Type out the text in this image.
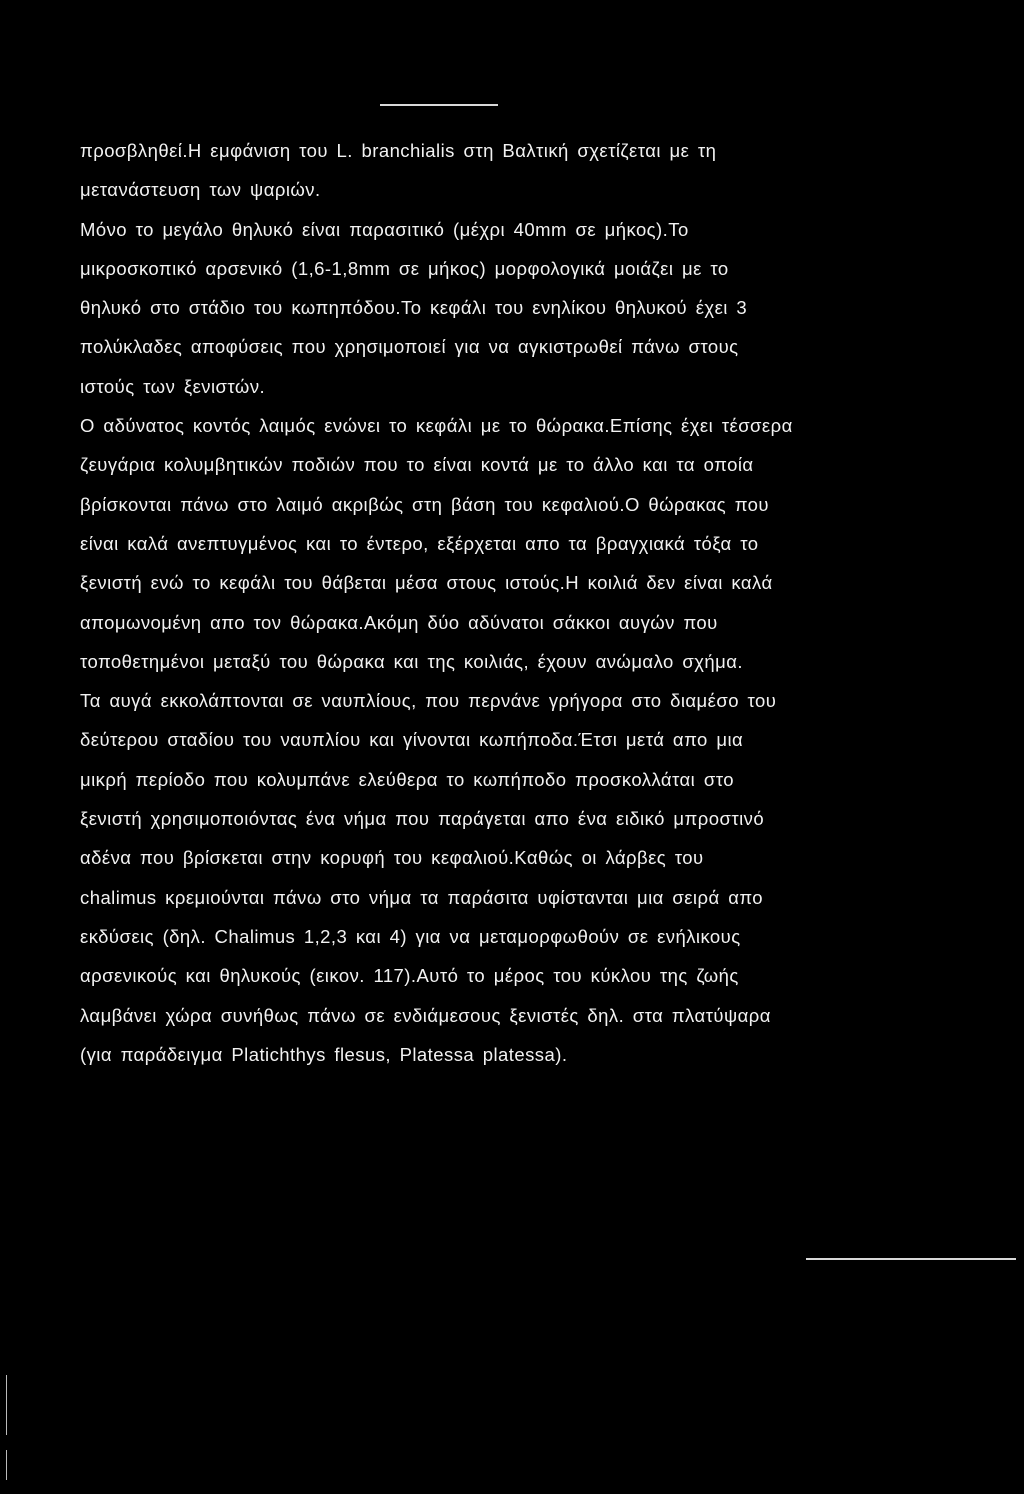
προσβληθεί.Η εμφάνιση του L. branchialis στη Βαλτική σχετίζεται με τη
μετανάστευση των ψαριών.
Μόνο το μεγάλο θηλυκό είναι παρασιτικό (μέχρι 40mm σε μήκος).Το
μικροσκοπικό αρσενικό (1,6-1,8mm σε μήκος) μορφολογικά μοιάζει με το
θηλυκό στο στάδιο του κωπηπόδου.Το κεφάλι του ενηλίκου θηλυκού έχει 3
πολύκλαδες αποφύσεις που χρησιμοποιεί για να αγκιστρωθεί πάνω στους
ιστούς των ξενιστών.
Ο αδύνατος κοντός λαιμός ενώνει το κεφάλι με το θώρακα.Επίσης έχει τέσσερα
ζευγάρια κολυμβητικών ποδιών που το είναι κοντά με το άλλο και τα οποία
βρίσκονται πάνω στο λαιμό ακριβώς στη βάση του κεφαλιού.Ο θώρακας που
είναι καλά ανεπτυγμένος και το έντερο, εξέρχεται απο τα βραγχιακά τόξα το
ξενιστή ενώ το κεφάλι του θάβεται μέσα στους ιστούς.Η κοιλιά δεν είναι καλά
απομωνομένη απο τον θώρακα.Ακόμη δύο αδύνατοι σάκκοι αυγών που
τοποθετημένοι μεταξύ του θώρακα και της κοιλιάς, έχουν ανώμαλο σχήμα.
Τα αυγά εκκολάπτονται σε ναυπλίους, που περνάνε γρήγορα στο διαμέσο του
δεύτερου σταδίου του ναυπλίου και γίνονται κωπήποδα.Έτσι μετά απο μια
μικρή περίοδο που κολυμπάνε ελεύθερα το κωπήποδο προσκολλάται στο
ξενιστή χρησιμοποιόντας ένα νήμα που παράγεται απο ένα ειδικό μπροστινό
αδένα που βρίσκεται στην κορυφή του κεφαλιού.Καθώς οι λάρβες του
chalimus κρεμιούνται πάνω στο νήμα τα παράσιτα υφίστανται μια σειρά απο
εκδύσεις (δηλ. Chalimus 1,2,3 και 4) για να μεταμορφωθούν σε ενήλικους
αρσενικούς και θηλυκούς (εικον. 117).Αυτό το μέρος του κύκλου της ζωής
λαμβάνει χώρα συνήθως πάνω σε ενδιάμεσους ξενιστές δηλ. στα πλατύψαρα
(για παράδειγμα Platichthys flesus, Platessa platessa).
